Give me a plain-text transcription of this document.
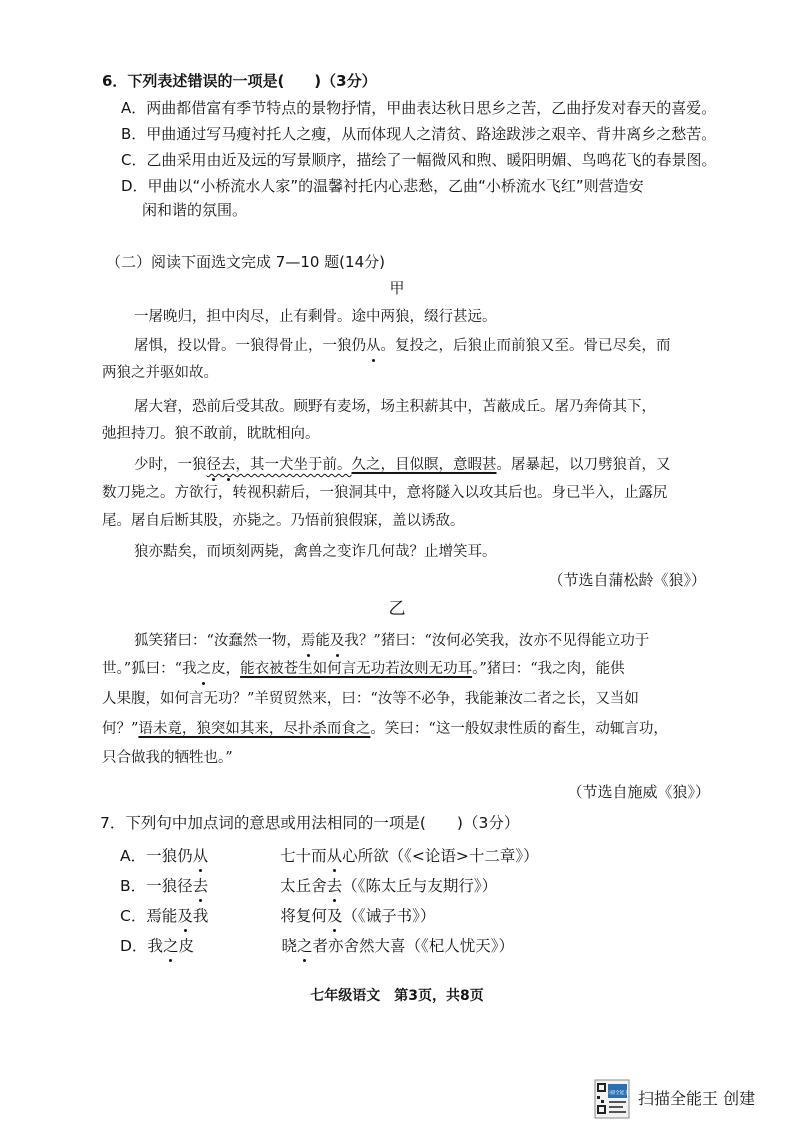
6．下列表述错误的一项是(　　)（3分）
A．两曲都借富有季节特点的景物抒情，甲曲表达秋日思乡之苦，乙曲抒发对春天的喜爱。
B．甲曲通过写马瘦衬托人之瘦，从而体现人之清贫、路途跋涉之艰辛、背井离乡之愁苦。
C．乙曲采用由近及远的写景顺序，描绘了一幅微风和煦、暖阳明媚、鸟鸣花飞的春景图。
D．甲曲以“小桥流水人家”的温馨衬托内心悲愁，乙曲“小桥流水飞红”则营造安
闲和谐的氛围。
（二）阅读下面选文完成 7—10 题(14分)
甲
一屠晚归，担中肉尽，止有剩骨。途中两狼，缀行甚远。
屠惧，投以骨。一狼得骨止，一狼仍从。复投之，后狼止而前狼又至。骨已尽矣，而
两狼之并驱如故。
屠大窘，恐前后受其敌。顾野有麦场，场主积薪其中，苫蔽成丘。屠乃奔倚其下，
弛担持刀。狼不敢前，眈眈相向。
少时，一狼径去，其一犬坐于前。久之，目似瞑，意暇甚。屠暴起，以刀劈狼首，又
数刀毙之。方欲行，转视积薪后，一狼洞其中，意将隧入以攻其后也。身已半入，止露尻
尾。屠自后断其股，亦毙之。乃悟前狼假寐，盖以诱敌。
狼亦黠矣，而顷刻两毙，禽兽之变诈几何哉？止增笑耳。
（节选自蒲松龄《狼》）
乙
狐笑猪曰：“汝蠢然一物，焉能及我？”猪曰：“汝何必笑我，汝亦不见得能立功于
世。”狐曰：“我之皮，能衣被苍生如何言无功若汝则无功耳。”猪曰：“我之肉，能供
人果腹，如何言无功？”羊贸贸然来，曰：“汝等不必争，我能兼汝二者之长，又当如
何？”语未竟，狼突如其来，尽扑杀而食之。笑曰：“这一般奴隶性质的畜生，动辄言功，
只合做我的牺牲也。”
（节选自施威《狼》）
7．下列句中加点词的意思或用法相同的一项是(　　)（3分）
A．一狼仍从	七十而从心所欲（《<论语>十二章》）
B．一狼径去	太丘舍去（《陈太丘与友期行》）
C．焉能及我	将复何及（《诫子书》）
D．我之皮	晓之者亦舍然大喜（《杞人忧天》）
七年级语文　第3页，共8页
扫描全能王 扫描全能王 创建
